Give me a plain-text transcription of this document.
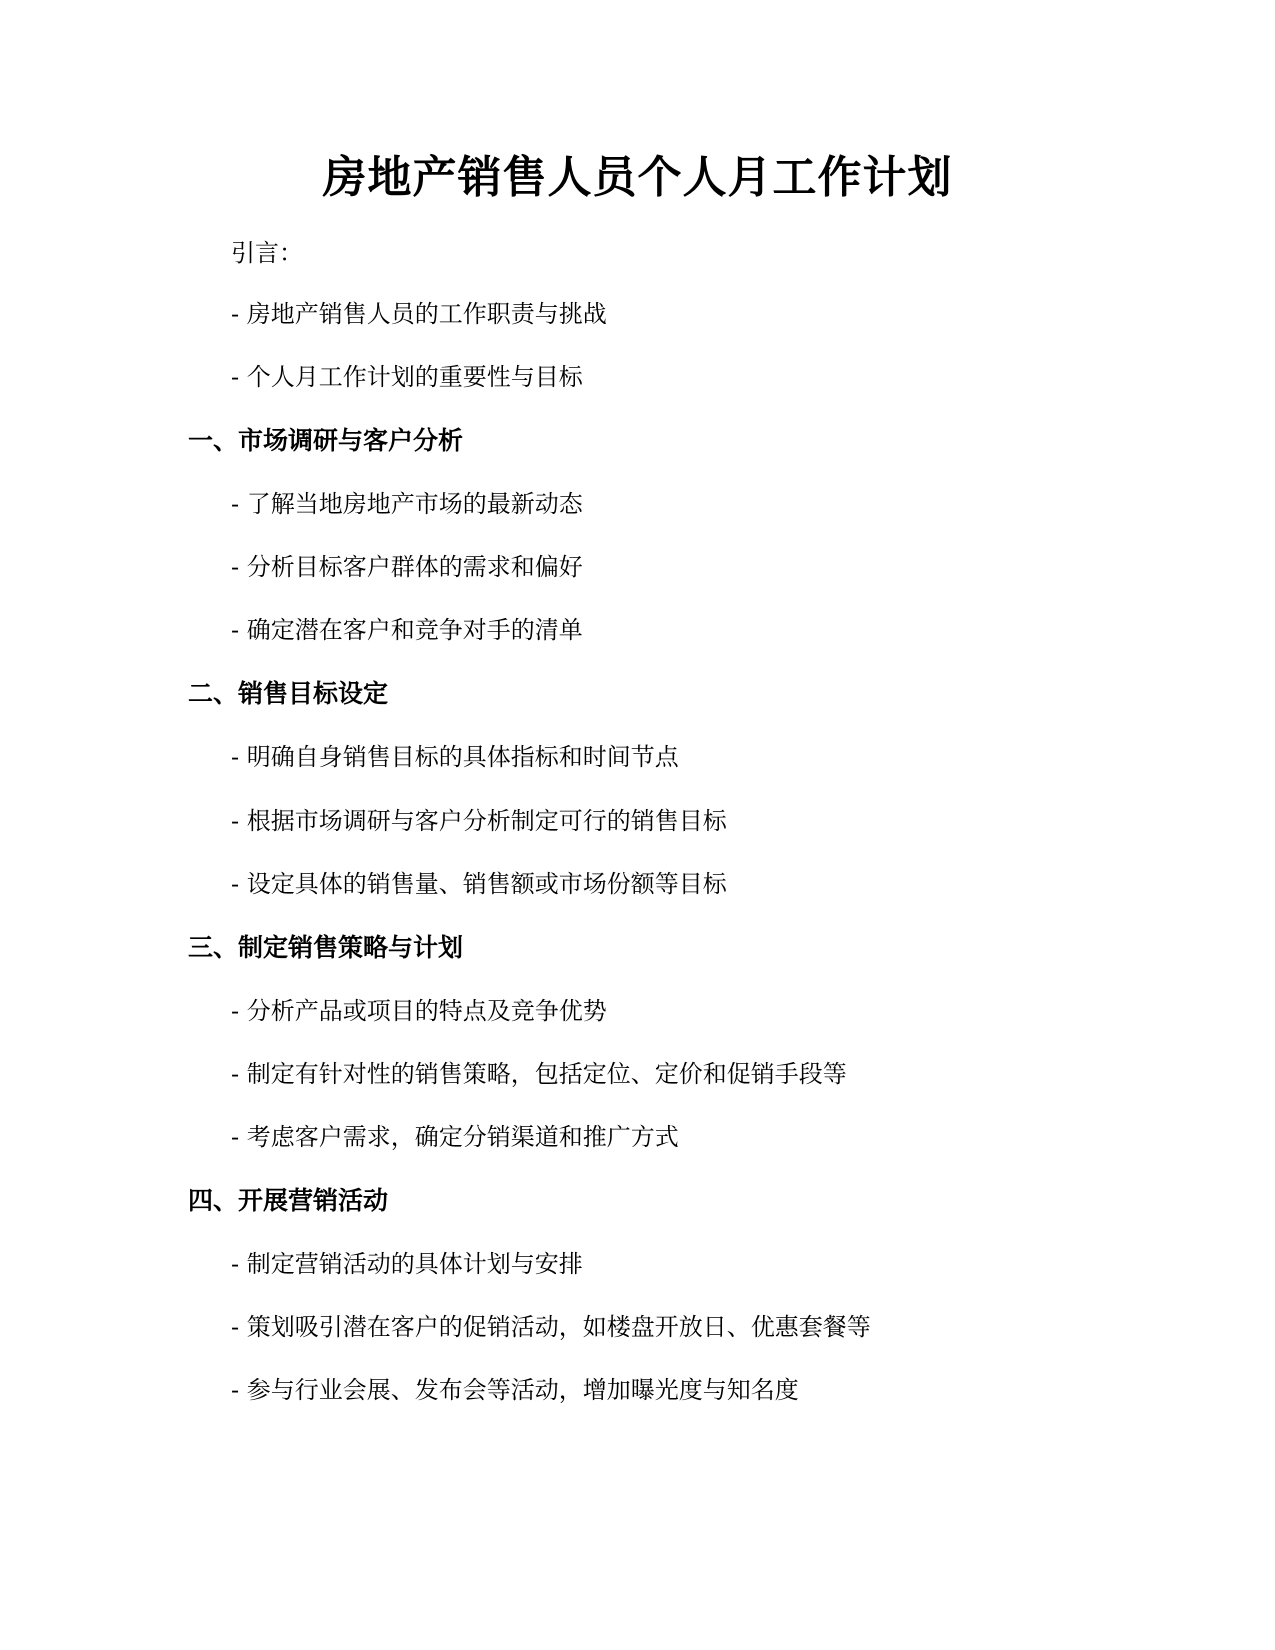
房地产销售人员个人月工作计划

引言：

- 房地产销售人员的工作职责与挑战

- 个人月工作计划的重要性与目标

一、市场调研与客户分析

- 了解当地房地产市场的最新动态

- 分析目标客户群体的需求和偏好

- 确定潜在客户和竞争对手的清单

二、销售目标设定

- 明确自身销售目标的具体指标和时间节点

- 根据市场调研与客户分析制定可行的销售目标

- 设定具体的销售量、销售额或市场份额等目标

三、制定销售策略与计划

- 分析产品或项目的特点及竞争优势

- 制定有针对性的销售策略，包括定位、定价和促销手段等

- 考虑客户需求，确定分销渠道和推广方式

四、开展营销活动

- 制定营销活动的具体计划与安排

- 策划吸引潜在客户的促销活动，如楼盘开放日、优惠套餐等

- 参与行业会展、发布会等活动，增加曝光度与知名度
